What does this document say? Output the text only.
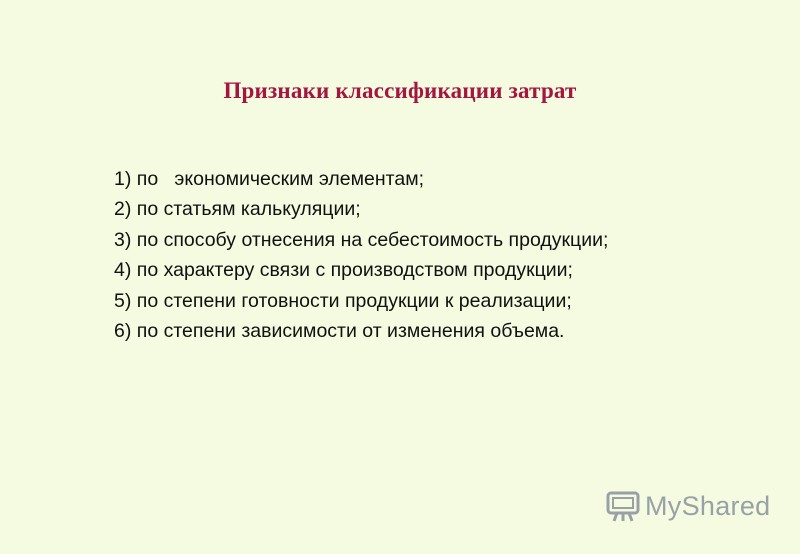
Признаки классификации затрат
1) по   экономическим элементам;
2) по статьям калькуляции;
3) по способу отнесения на себестоимость продукции;
4) по характеру связи с производством продукции;
5) по степени готовности продукции к реализации;
6) по степени зависимости от изменения объема.
MyShared
